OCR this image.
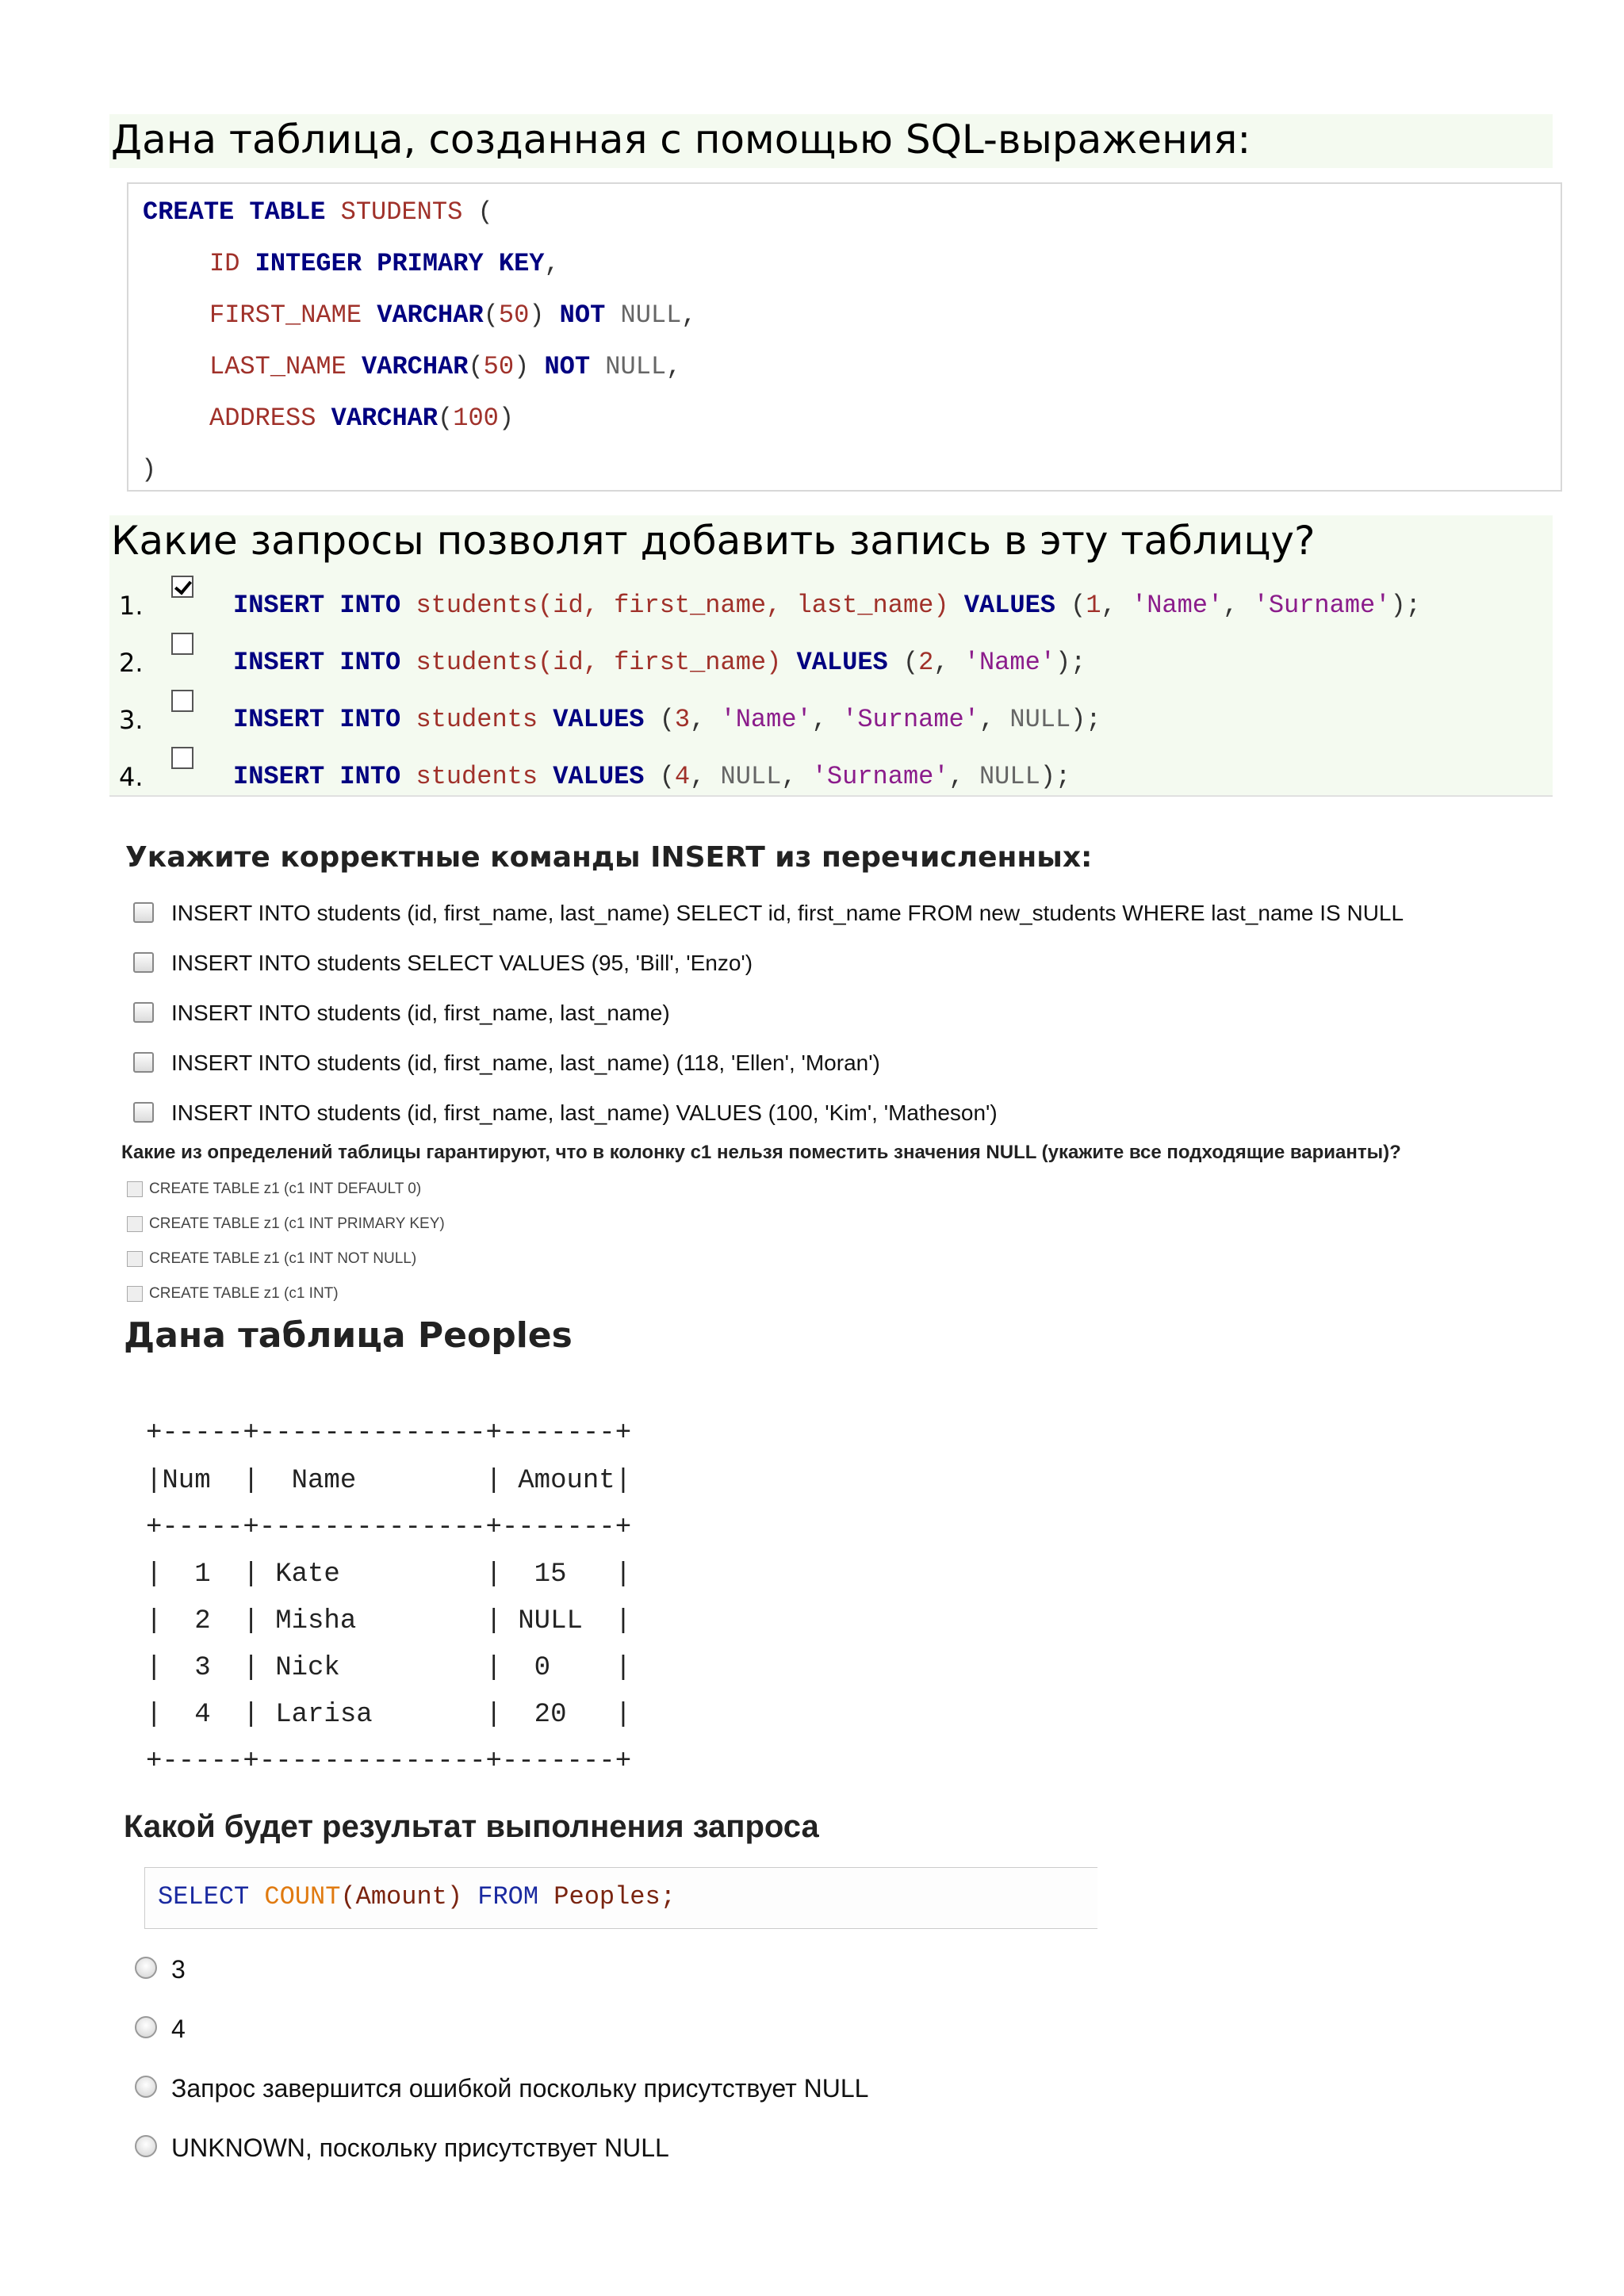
Дана таблица, созданная с помощью SQL-выражения:
CREATE TABLE STUDENTS (
ID INTEGER PRIMARY KEY,
FIRST_NAME VARCHAR(50) NOT NULL,
LAST_NAME VARCHAR(50) NOT NULL,
ADDRESS VARCHAR(100)
)
Какие запросы позволят добавить запись в эту таблицу?
1.	INSERT INTO students(id, first_name, last_name) VALUES (1, 'Name', 'Surname');
2.	INSERT INTO students(id, first_name) VALUES (2, 'Name');
3.	INSERT INTO students VALUES (3, 'Name', 'Surname', NULL);
4.	INSERT INTO students VALUES (4, NULL, 'Surname', NULL);
Укажите корректные команды INSERT из перечисленных:
INSERT INTO students (id, first_name, last_name) SELECT id, first_name FROM new_students WHERE last_name IS NULL
INSERT INTO students SELECT VALUES (95, 'Bill', 'Enzo')
INSERT INTO students (id, first_name, last_name)
INSERT INTO students (id, first_name, last_name) (118, 'Ellen', 'Moran')
INSERT INTO students (id, first_name, last_name) VALUES (100, 'Kim', 'Matheson')
Какие из определений таблицы гарантируют, что в колонку c1 нельзя поместить значения NULL (укажите все подходящие варианты)?
CREATE TABLE z1 (c1 INT DEFAULT 0)
CREATE TABLE z1 (c1 INT PRIMARY KEY)
CREATE TABLE z1 (c1 INT NOT NULL)
CREATE TABLE z1 (c1 INT)
Дана таблица Peoples
+-----+--------------+-------+
|Num  |  Name        | Amount|
+-----+--------------+-------+
|  1  | Kate         |  15   |
|  2  | Misha        | NULL  |
|  3  | Nick         |  0    |
|  4  | Larisa       |  20   |
+-----+--------------+-------+
Какой будет результат выполнения запроса
SELECT COUNT(Amount) FROM Peoples;
3
4
Запрос завершится ошибкой поскольку присутствует NULL
UNKNOWN, поскольку присутствует NULL
